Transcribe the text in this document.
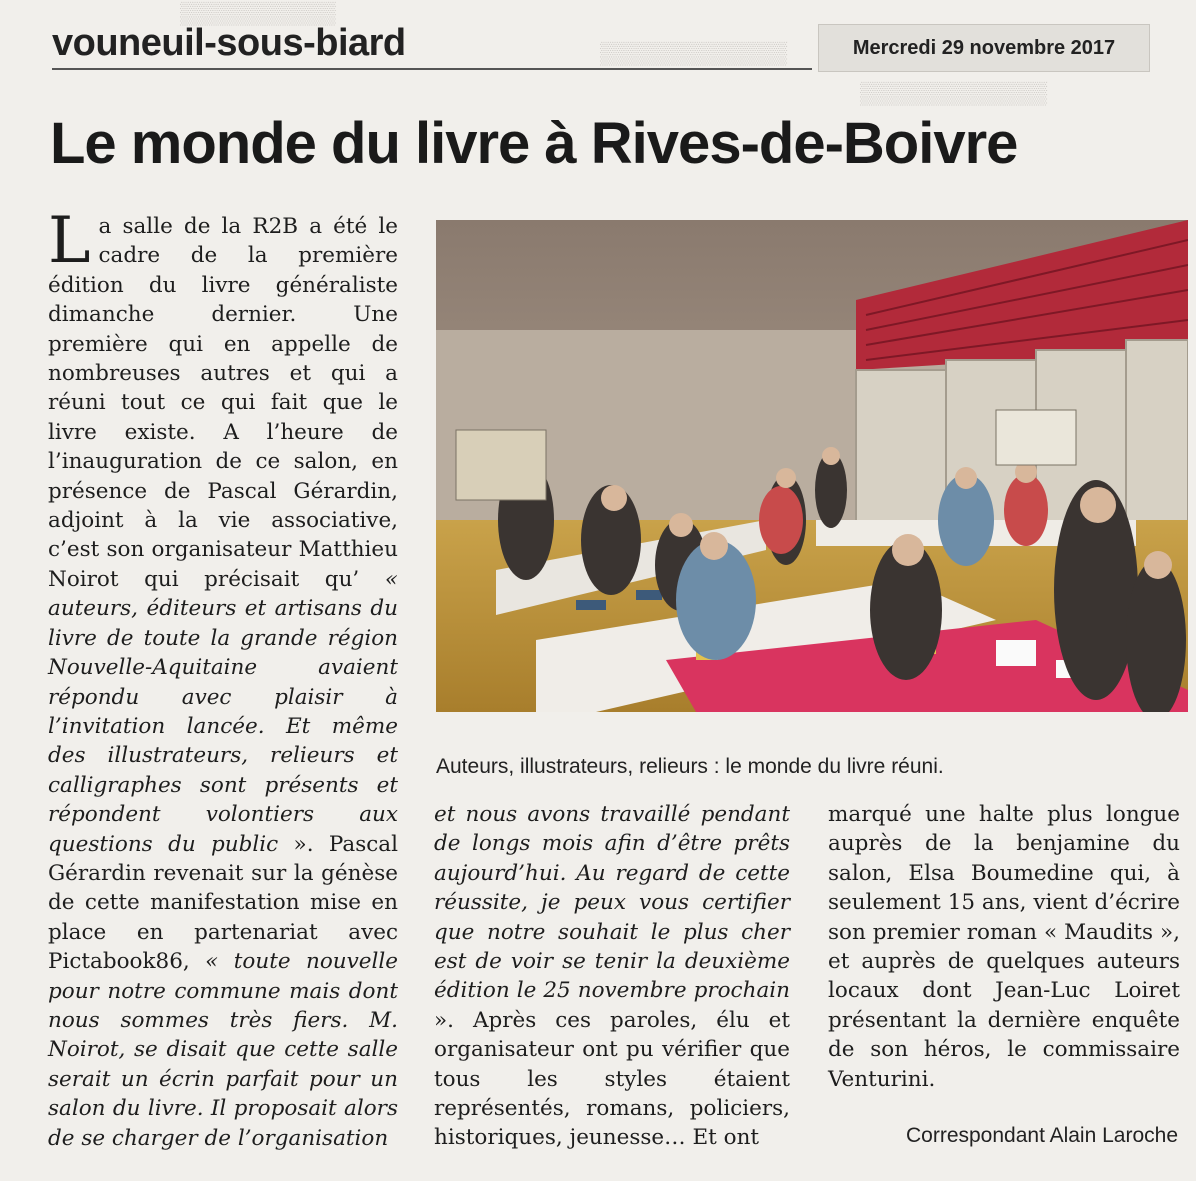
▒▒▒▒▒▒▒▒▒▒
▒▒▒▒▒▒▒▒▒▒▒▒
▒▒▒▒▒▒▒▒▒▒▒▒
vouneuil-sous-biard	Mercredi 29 novembre 2017
Le monde du livre à Rives-de-Boivre
La salle de la R2B a été le cadre de la première édition du livre généraliste dimanche dernier. Une première qui en appelle de nombreuses autres et qui a réuni tout ce qui fait que le livre existe. A l’heure de l’inauguration de ce salon, en présence de Pascal Gérardin, adjoint à la vie associative, c’est son organisateur Matthieu Noirot qui précisait qu’ « auteurs, éditeurs et artisans du livre de toute la grande région Nouvelle-Aquitaine avaient répondu avec plaisir à l’invitation lancée. Et même des illustrateurs, relieurs et calligraphes sont présents et répondent volontiers aux questions du public ». Pascal Gérardin revenait sur la génèse de cette manifestation mise en place en partenariat avec Pictabook86, « toute nouvelle pour notre commune mais dont nous sommes très fiers. M. Noirot, se disait que cette salle serait un écrin parfait pour un salon du livre. Il proposait alors de se charger de l’organisation
Auteurs, illustrateurs, relieurs : le monde du livre réuni.
et nous avons travaillé pendant de longs mois afin d’être prêts aujourd’hui. Au regard de cette réussite, je peux vous certifier que notre souhait le plus cher est de voir se tenir la deuxième édition le 25 novembre prochain ». Après ces paroles, élu et organisateur ont pu vérifier que tous les styles étaient représentés, romans, policiers, historiques, jeunesse… Et ont
marqué une halte plus longue auprès de la benjamine du salon, Elsa Boumedine qui, à seulement 15 ans, vient d’écrire son premier roman « Maudits », et auprès de quelques auteurs locaux dont Jean-Luc Loiret présentant la dernière enquête de son héros, le commissaire Venturini.
Correspondant Alain Laroche
